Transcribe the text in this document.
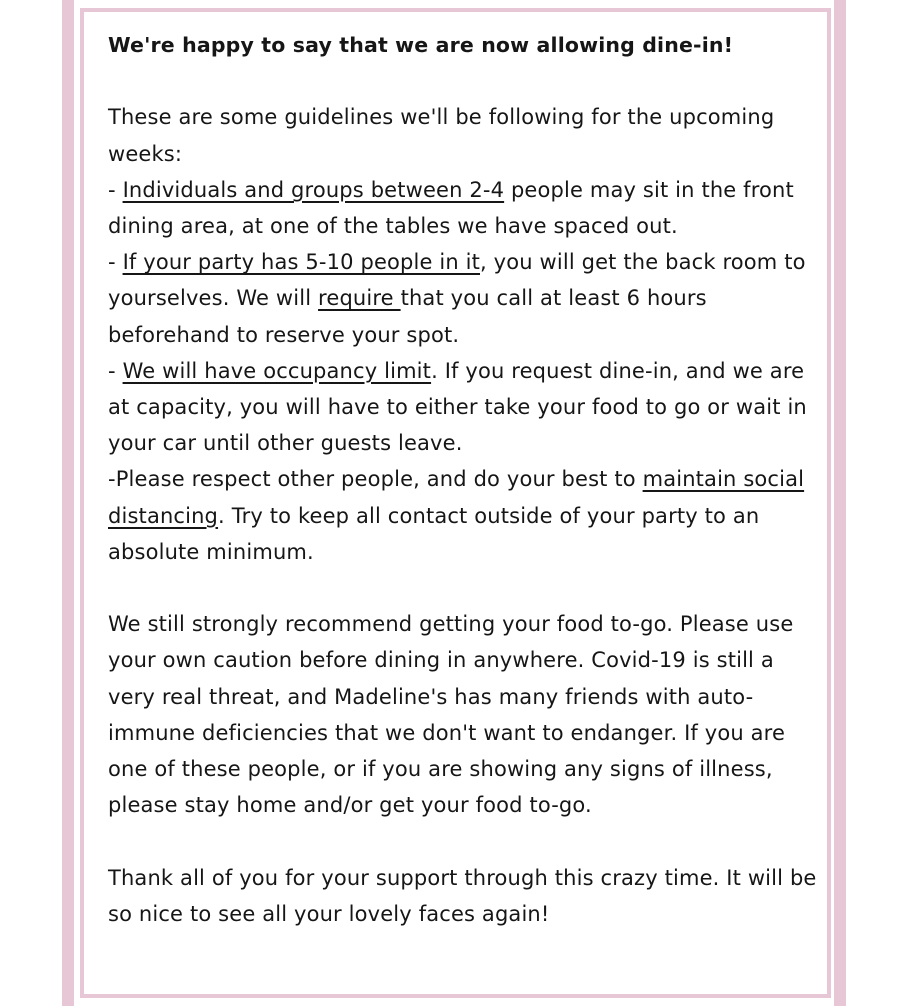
We're happy to say that we are now allowing dine-in!

These are some guidelines we'll be following for the upcoming weeks:

- Individuals and groups between 2-4 people may sit in the front dining area, at one of the tables we have spaced out.

- If your party has 5-10 people in it, you will get the back room to yourselves. We will require that you call at least 6 hours beforehand to reserve your spot.

- We will have occupancy limit. If you request dine-in, and we are at capacity, you will have to either take your food to go or wait in your car until other guests leave.

-Please respect other people, and do your best to maintain social distancing. Try to keep all contact outside of your party to an absolute minimum.

We still strongly recommend getting your food to-go. Please use your own caution before dining in anywhere. Covid-19 is still a very real threat, and Madeline's has many friends with auto-immune deficiencies that we don't want to endanger. If you are one of these people, or if you are showing any signs of illness, please stay home and/or get your food to-go.

Thank all of you for your support through this crazy time. It will be so nice to see all your lovely faces again!
